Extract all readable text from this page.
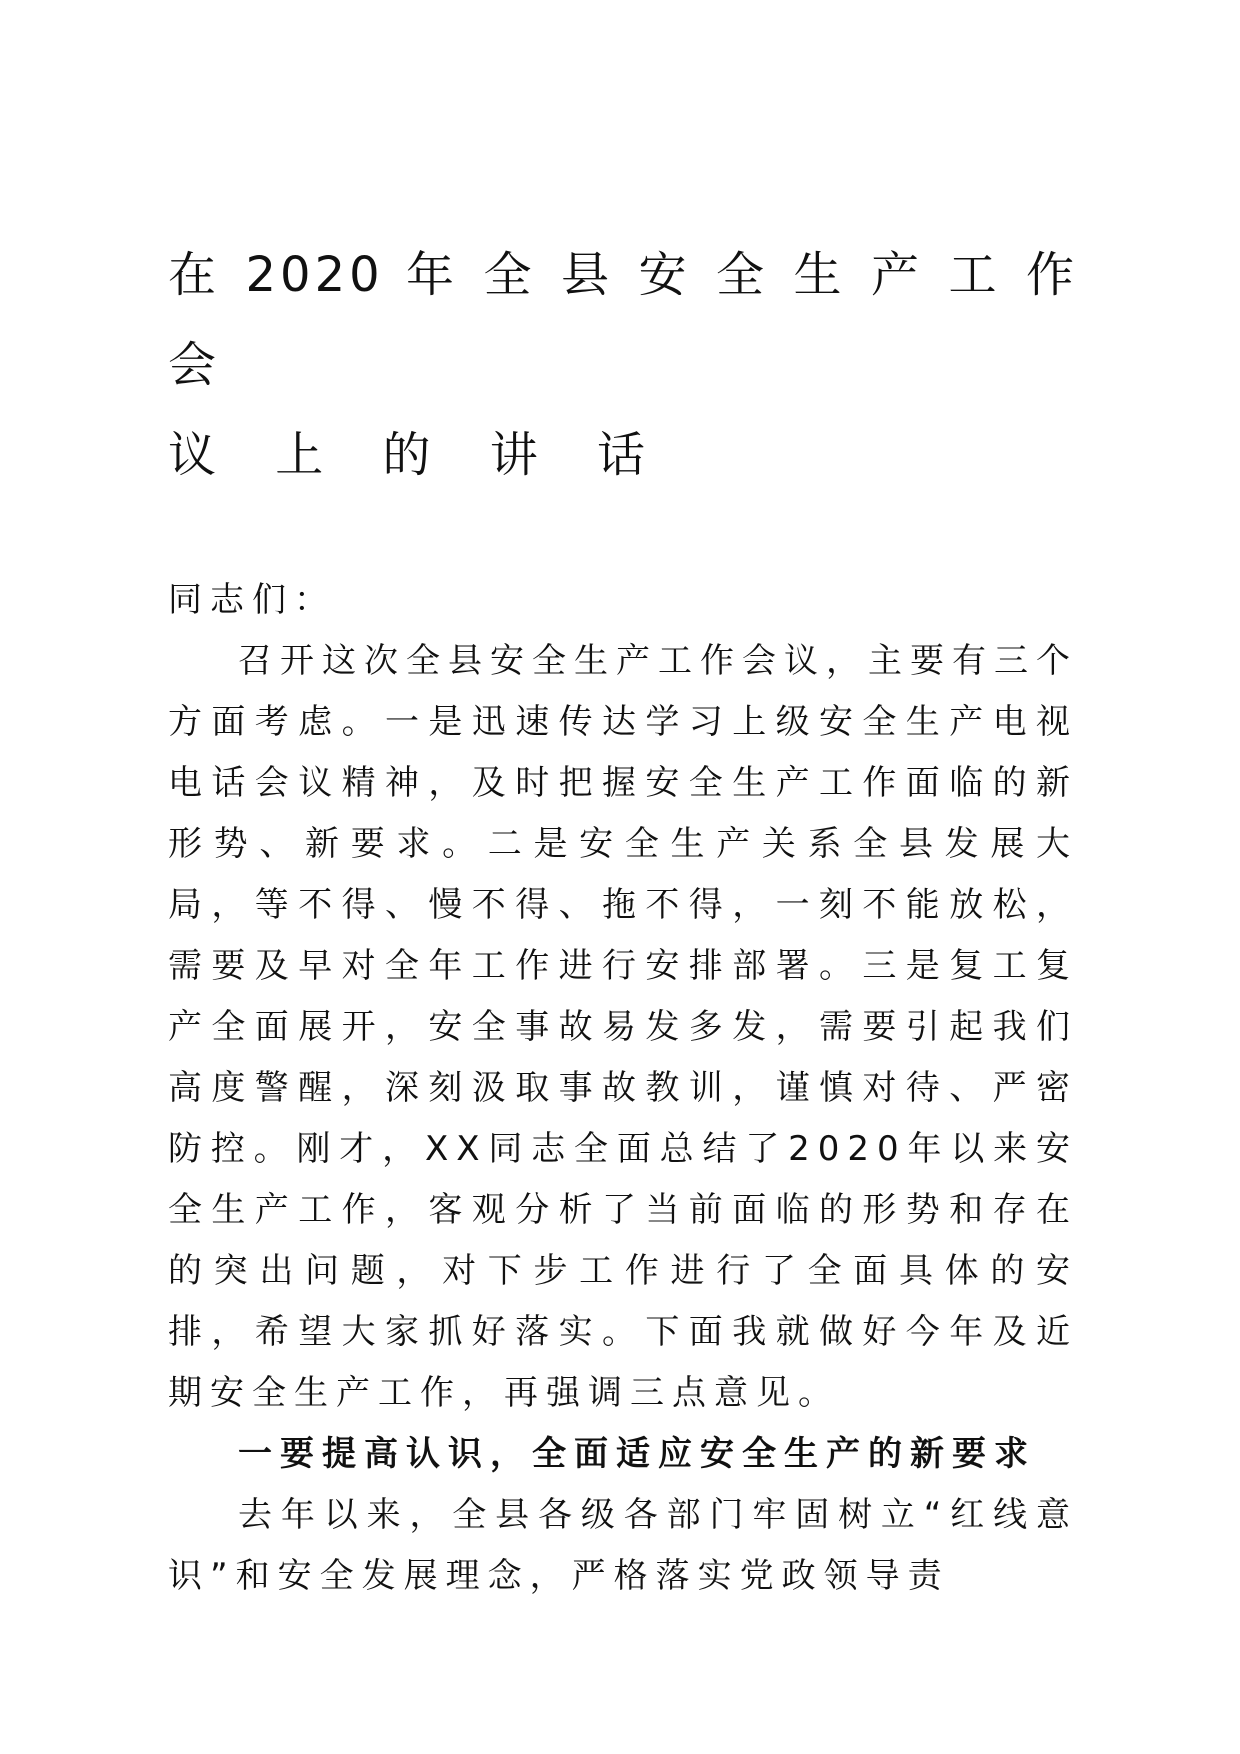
在 2020 年 全 县 安 全 生 产 工 作 会
议 上 的 讲 话

同志们：

召开这次全县安全生产工作会议，主要有三个方面考虑。一是迅速传达学习上级安全生产电视电话会议精神，及时把握安全生产工作面临的新形势、新要求。二是安全生产关系全县发展大局，等不得、慢不得、拖不得，一刻不能放松，需要及早对全年工作进行安排部署。三是复工复产全面展开，安全事故易发多发，需要引起我们高度警醒，深刻汲取事故教训，谨慎对待、严密防控。刚才，XX同志全面总结了2020年以来安全生产工作，客观分析了当前面临的形势和存在的突出问题，对下步工作进行了全面具体的安排，希望大家抓好落实。下面我就做好今年及近期安全生产工作，再强调三点意见。

一要提高认识，全面适应安全生产的新要求

去年以来，全县各级各部门牢固树立“红线意识”和安全发展理念，严格落实党政领导责
